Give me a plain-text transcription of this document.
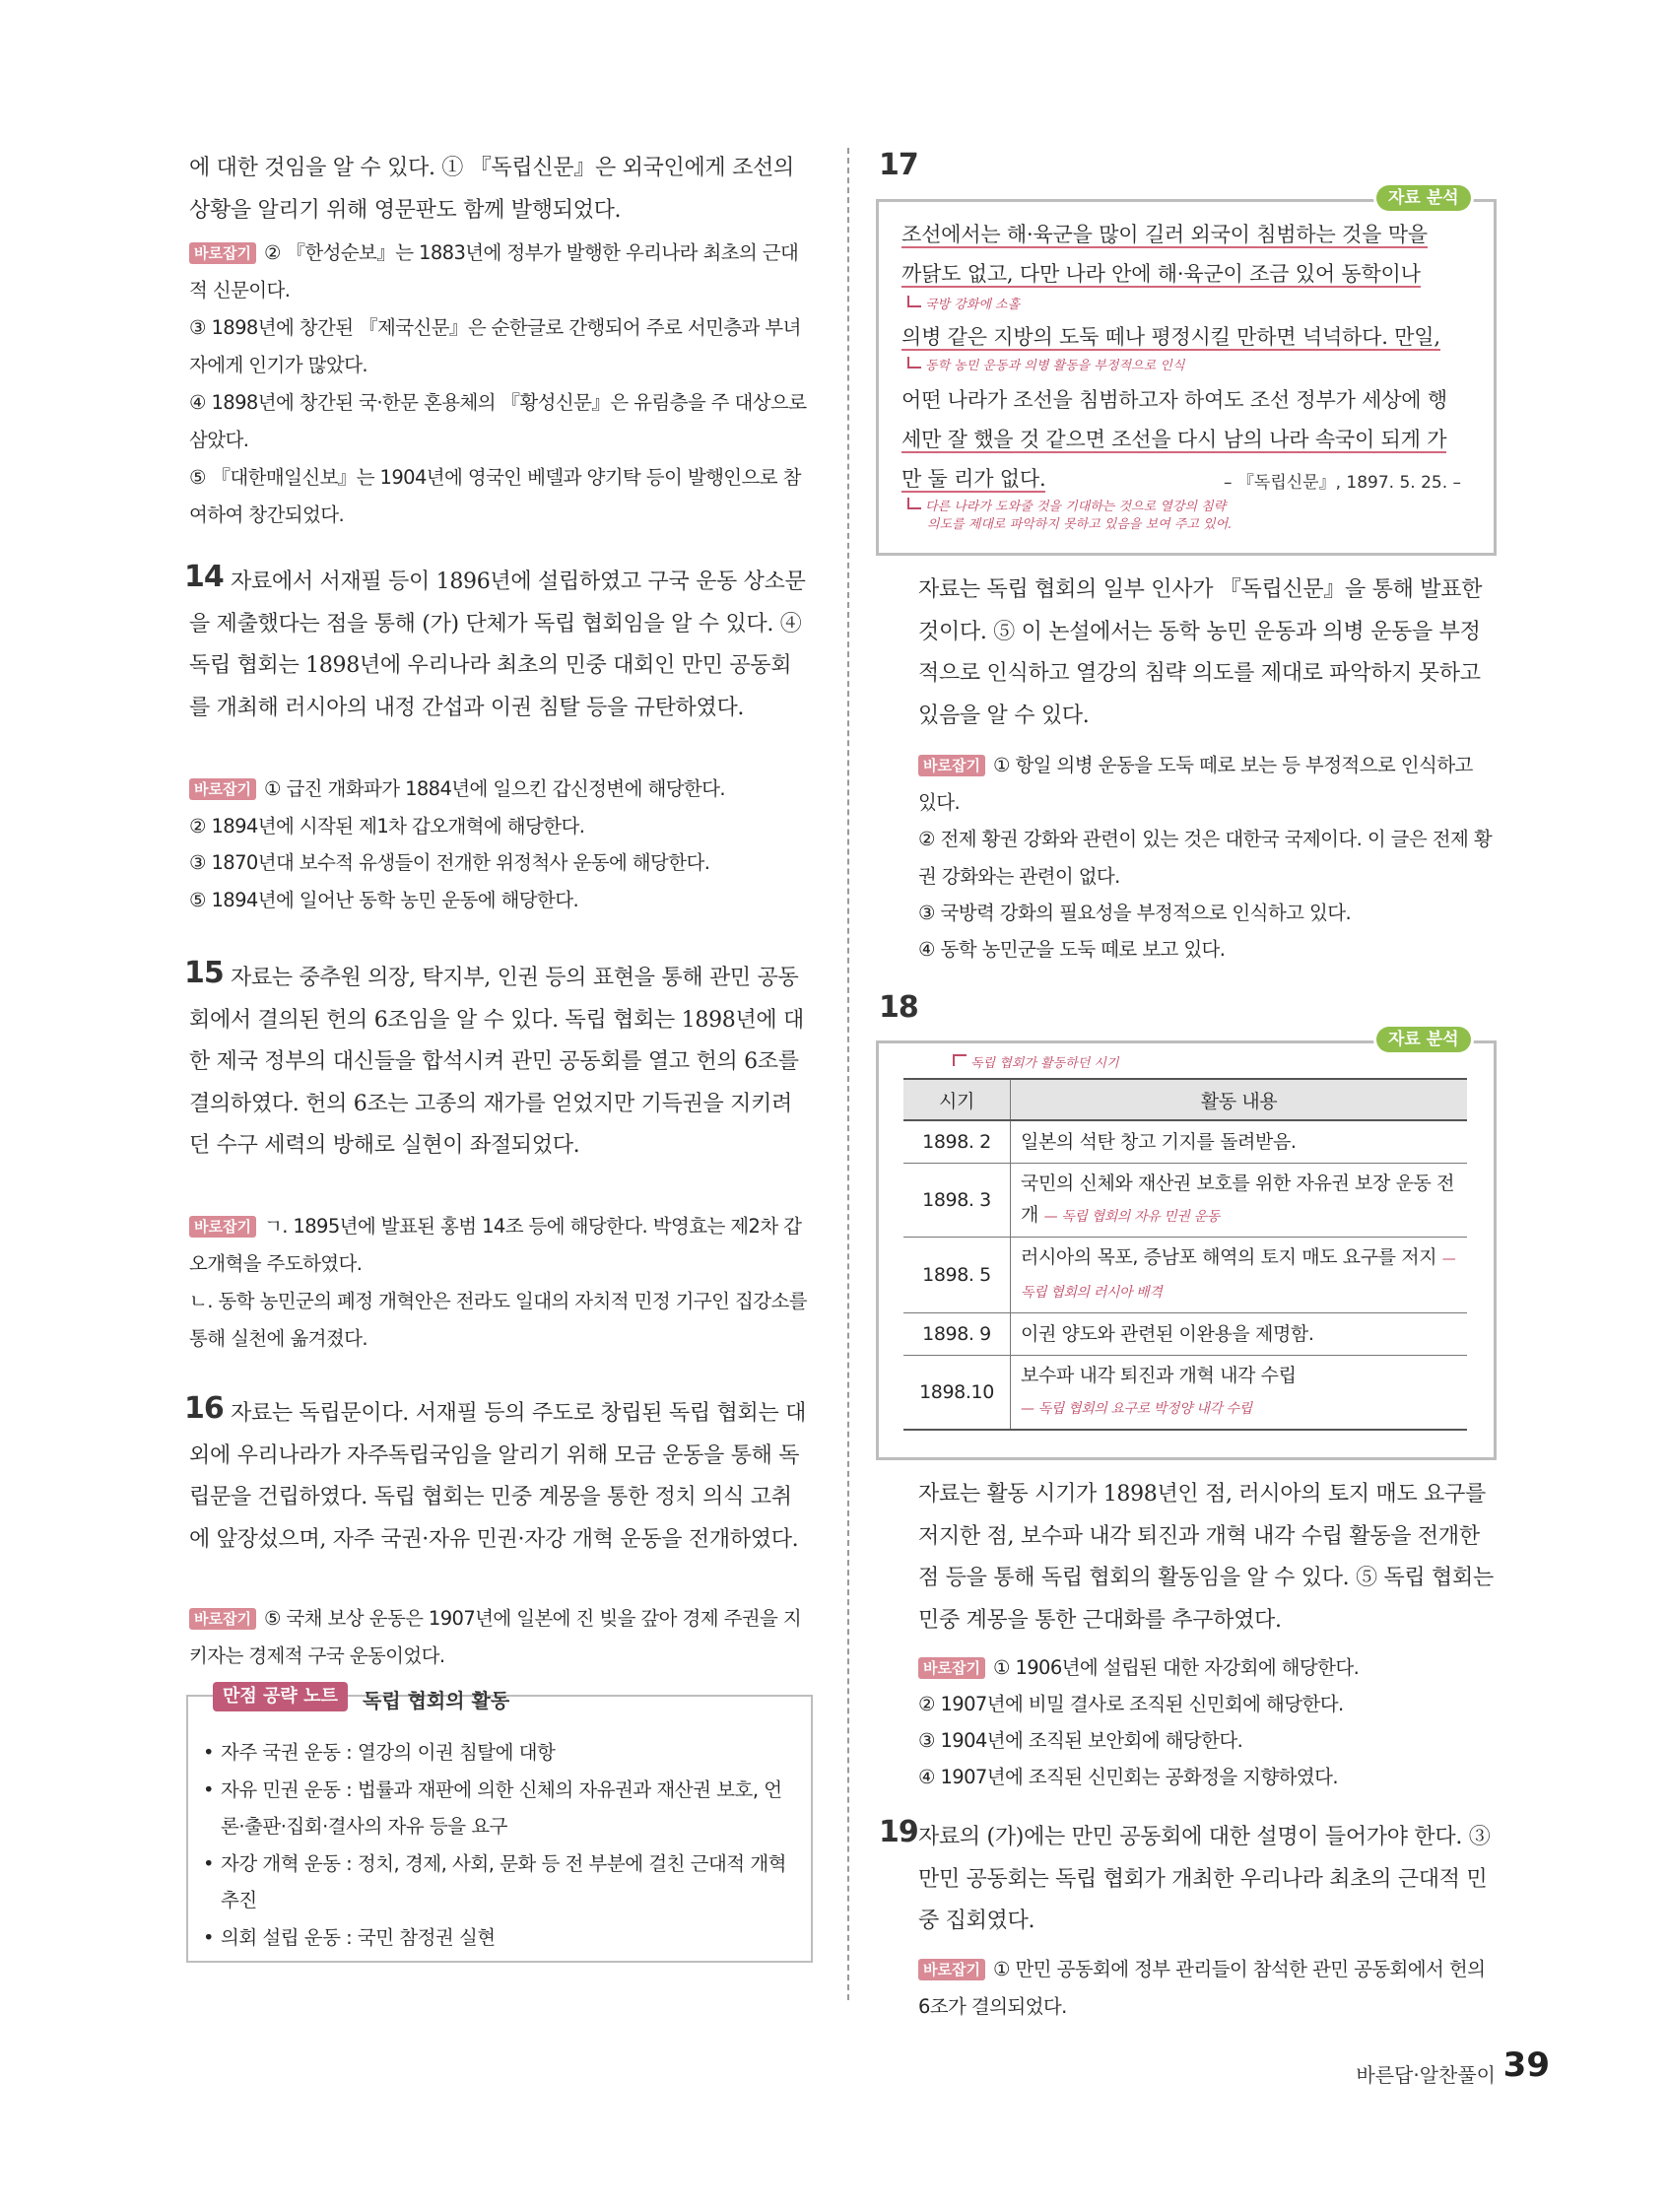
에 대한 것임을 알 수 있다. ① 『독립신문』은 외국인에게 조선의 상황을 알리기 위해 영문판도 함께 발행되었다.
바로잡기 ② 『한성순보』는 1883년에 정부가 발행한 우리나라 최초의 근대적 신문이다.
③ 1898년에 창간된 『제국신문』은 순한글로 간행되어 주로 서민층과 부녀자에게 인기가 많았다.
④ 1898년에 창간된 국·한문 혼용체의 『황성신문』은 유림층을 주 대상으로 삼았다.
⑤ 『대한매일신보』는 1904년에 영국인 베델과 양기탁 등이 발행인으로 참여하여 창간되었다.
14 자료에서 서재필 등이 1896년에 설립하였고 구국 운동 상소문을 제출했다는 점을 통해 (가) 단체가 독립 협회임을 알 수 있다. ④ 독립 협회는 1898년에 우리나라 최초의 민중 대회인 만민 공동회를 개최해 러시아의 내정 간섭과 이권 침탈 등을 규탄하였다.
바로잡기 ① 급진 개화파가 1884년에 일으킨 갑신정변에 해당한다.
② 1894년에 시작된 제1차 갑오개혁에 해당한다.
③ 1870년대 보수적 유생들이 전개한 위정척사 운동에 해당한다.
⑤ 1894년에 일어난 동학 농민 운동에 해당한다.
15 자료는 중추원 의장, 탁지부, 인권 등의 표현을 통해 관민 공동회에서 결의된 헌의 6조임을 알 수 있다. 독립 협회는 1898년에 대한 제국 정부의 대신들을 합석시켜 관민 공동회를 열고 헌의 6조를 결의하였다. 헌의 6조는 고종의 재가를 얻었지만 기득권을 지키려던 수구 세력의 방해로 실현이 좌절되었다.
바로잡기 ㄱ. 1895년에 발표된 홍범 14조 등에 해당한다. 박영효는 제2차 갑오개혁을 주도하였다.
ㄴ. 동학 농민군의 폐정 개혁안은 전라도 일대의 자치적 민정 기구인 집강소를 통해 실천에 옮겨졌다.
16 자료는 독립문이다. 서재필 등의 주도로 창립된 독립 협회는 대외에 우리나라가 자주독립국임을 알리기 위해 모금 운동을 통해 독립문을 건립하였다. 독립 협회는 민중 계몽을 통한 정치 의식 고취에 앞장섰으며, 자주 국권·자유 민권·자강 개혁 운동을 전개하였다.
바로잡기 ⑤ 국채 보상 운동은 1907년에 일본에 진 빚을 갚아 경제 주권을 지키자는 경제적 구국 운동이었다.
만점 공략 노트	독립 협회의 활동
• 자주 국권 운동 : 열강의 이권 침탈에 대항
• 자유 민권 운동 : 법률과 재판에 의한 신체의 자유권과 재산권 보호, 언론·출판·집회·결사의 자유 등을 요구
• 자강 개혁 운동 : 정치, 경제, 사회, 문화 등 전 부분에 걸친 근대적 개혁 추진
• 의회 설립 운동 : 국민 참정권 실현
17
자료 분석
조선에서는 해·육군을 많이 길러 외국이 침범하는 것을 막을
까닭도 없고, 다만 나라 안에 해·육군이 조금 있어 동학이나
국방 강화에 소홀
의병 같은 지방의 도둑 떼나 평정시킬 만하면 넉넉하다. 만일,
동학 농민 운동과 의병 활동을 부정적으로 인식
어떤 나라가 조선을 침범하고자 하여도 조선 정부가 세상에 행
세만 잘 했을 것 같으면 조선을 다시 남의 나라 속국이 되게 가
만 둘 리가 없다.	– 『독립신문』, 1897. 5. 25. –
다른 나라가 도와줄 것을 기대하는 것으로 열강의 침략
의도를 제대로 파악하지 못하고 있음을 보여 주고 있어.
자료는 독립 협회의 일부 인사가 『독립신문』을 통해 발표한 것이다. ⑤ 이 논설에서는 동학 농민 운동과 의병 운동을 부정적으로 인식하고 열강의 침략 의도를 제대로 파악하지 못하고 있음을 알 수 있다.
바로잡기 ① 항일 의병 운동을 도둑 떼로 보는 등 부정적으로 인식하고 있다.
② 전제 황권 강화와 관련이 있는 것은 대한국 국제이다. 이 글은 전제 황권 강화와는 관련이 없다.
③ 국방력 강화의 필요성을 부정적으로 인식하고 있다.
④ 동학 농민군을 도둑 떼로 보고 있다.
18
자료 분석
독립 협회가 활동하던 시기
시기	활동 내용
1898. 2	일본의 석탄 창고 기지를 돌려받음.
1898. 3	국민의 신체와 재산권 보호를 위한 자유권 보장 운동 전개 — 독립 협회의 자유 민권 운동
1898. 5	러시아의 목포, 증남포 해역의 토지 매도 요구를 저지 — 독립 협회의 러시아 배격
1898. 9	이권 양도와 관련된 이완용을 제명함.
1898.10	보수파 내각 퇴진과 개혁 내각 수립
— 독립 협회의 요구로 박정양 내각 수립
자료는 활동 시기가 1898년인 점, 러시아의 토지 매도 요구를 저지한 점, 보수파 내각 퇴진과 개혁 내각 수립 활동을 전개한 점 등을 통해 독립 협회의 활동임을 알 수 있다. ⑤ 독립 협회는 민중 계몽을 통한 근대화를 추구하였다.
바로잡기 ① 1906년에 설립된 대한 자강회에 해당한다.
② 1907년에 비밀 결사로 조직된 신민회에 해당한다.
③ 1904년에 조직된 보안회에 해당한다.
④ 1907년에 조직된 신민회는 공화정을 지향하였다.
19 자료의 (가)에는 만민 공동회에 대한 설명이 들어가야 한다. ③ 만민 공동회는 독립 협회가 개최한 우리나라 최초의 근대적 민중 집회였다.
바로잡기 ① 만민 공동회에 정부 관리들이 참석한 관민 공동회에서 헌의 6조가 결의되었다.
바른답·알찬풀이 39
